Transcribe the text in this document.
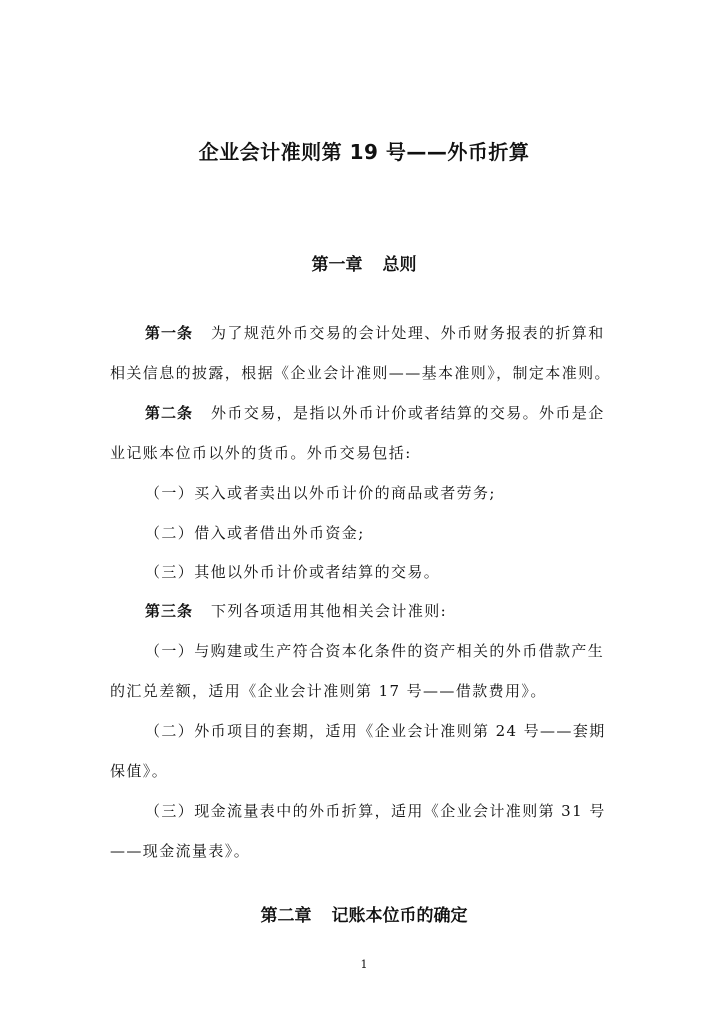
企业会计准则第 19 号——外币折算
第一章 总则
第一条 为了规范外币交易的会计处理、外币财务报表的折算和
相关信息的披露，根据《企业会计准则——基本准则》，制定本准则。
第二条 外币交易，是指以外币计价或者结算的交易。外币是企
业记账本位币以外的货币。外币交易包括:
（一）买入或者卖出以外币计价的商品或者劳务;
（二）借入或者借出外币资金;
（三）其他以外币计价或者结算的交易。
第三条 下列各项适用其他相关会计准则:
（一）与购建或生产符合资本化条件的资产相关的外币借款产生
的汇兑差额，适用《企业会计准则第 17 号——借款费用》。
（二）外币项目的套期，适用《企业会计准则第 24 号——套期
保值》。
（三）现金流量表中的外币折算，适用《企业会计准则第 31 号
——现金流量表》。
第二章 记账本位币的确定
1
